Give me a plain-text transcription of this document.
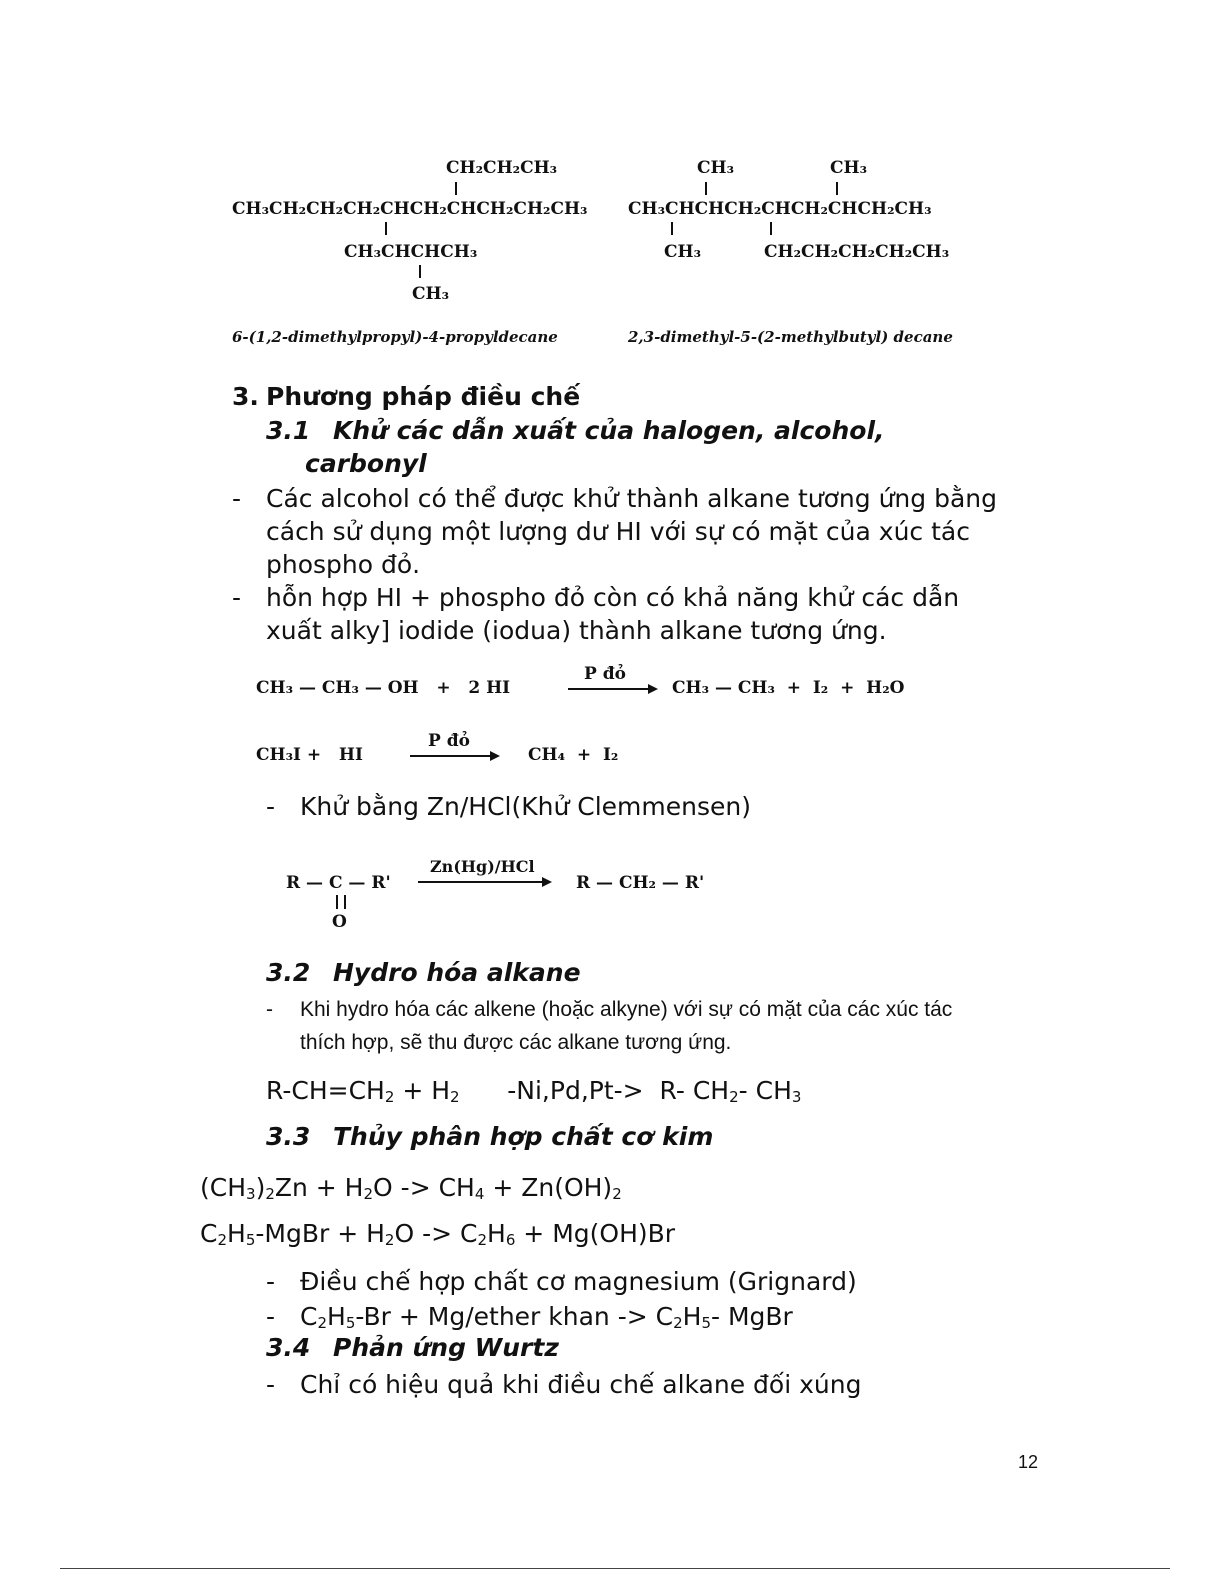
CH₂CH₂CH₃
CH₃CH₂CH₂CH₂CHCH₂CHCH₂CH₂CH₃
CH₃CHCHCH₃
CH₃
6-(1,2-dimethylpropyl)-4-propyldecane
CH₃	CH₃
CH₃CHCHCH₂CHCH₂CHCH₂CH₃
CH₃	CH₂CH₂CH₂CH₂CH₃
2,3-dimethyl-5-(2-methylbutyl) decane
3. Phương pháp điều chế
3.1 Khử các dẫn xuất của halogen, alcohol,
carbonyl
- Các alcohol có thể được khử thành alkane tương ứng bằng
cách sử dụng một lượng dư HI với sự có mặt của xúc tác
phospho đỏ.
- hỗn hợp HI + phospho đỏ còn có khả năng khử các dẫn
xuất alky] iodide (iodua) thành alkane tương ứng.
CH₃ — CH₃ — OH   +   2 HI
P đỏ
CH₃ — CH₃  +  I₂  +  H₂O
CH₃I +   HI
P đỏ
CH₄  +  I₂
- Khử bằng Zn/HCl(Khử Clemmensen)
R — C — R'
O
Zn(Hg)/HCl
R — CH₂ — R'
3.2 Hydro hóa alkane
- Khi hydro hóa các alkene (hoặc alkyne) với sự có mặt của các xúc tác
thích hợp, sẽ thu được các alkane tương ứng.
$R-CH=CH_2 + H_2$      -Ni,Pd,Pt->  R- $CH_2-$ $CH_3$
3.3 Thủy phân hợp chất cơ kim
$(CH_3)_2Zn + H_2O -> CH_4 + Zn(OH)_2$
$C_2H_5$-MgBr + $H_2O -> C_2H_6 + Mg(OH)Br$
- Điều chế hợp chất cơ magnesium (Grignard)
- $C_2H_5-Br$ + Mg/ether khan -> $C_2H_5-$ MgBr
3.4 Phản ứng Wurtz
- Chỉ có hiệu quả khi điều chế alkane đối xúng
12
